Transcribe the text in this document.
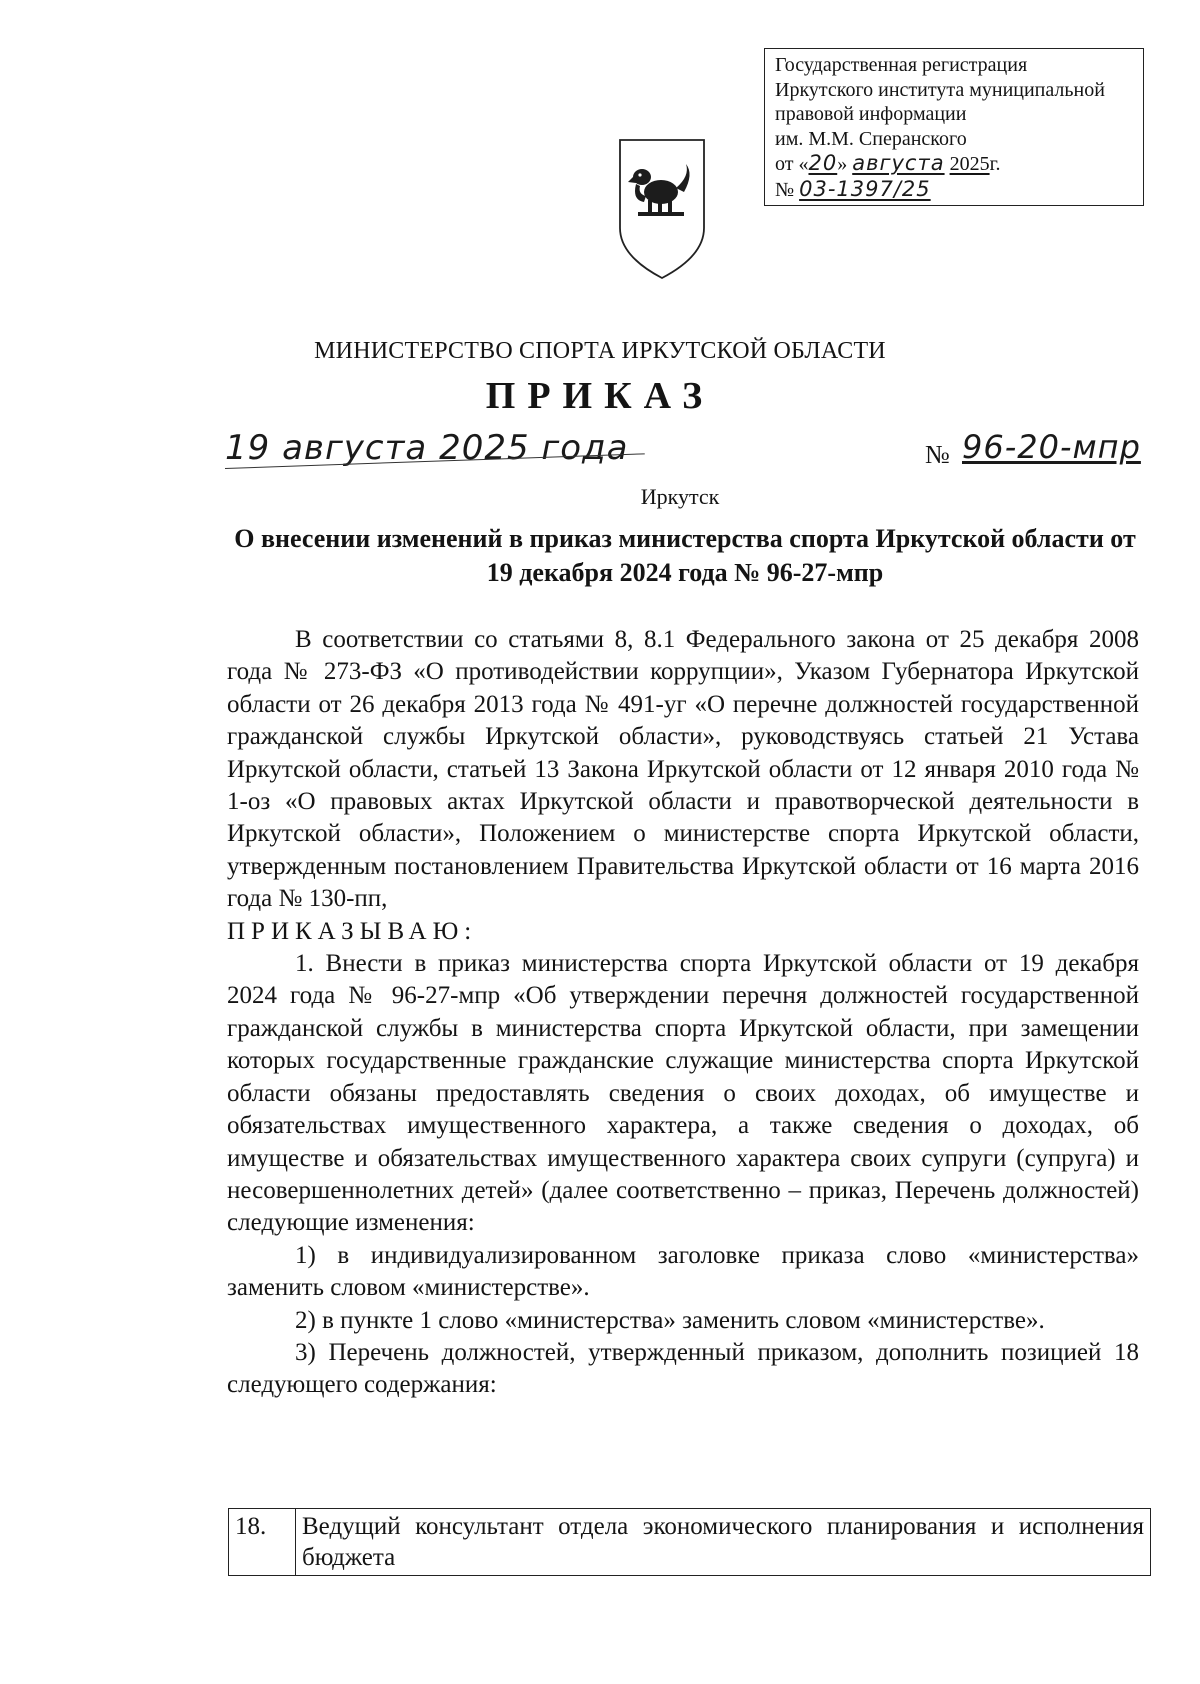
Государственная регистрация
Иркутского института муниципальной
правовой информации
им. М.М. Сперанского
от «20» августа 2025г.
№ 03-1397/25
МИНИСТЕРСТВО СПОРТА ИРКУТСКОЙ ОБЛАСТИ
ПРИКАЗ
19 августа 2025 года	№ 96-20-мпр
Иркутск
О внесении изменений в приказ министерства спорта Иркутской области от 19 декабря 2024 года № 96-27-мпр

В соответствии со статьями 8, 8.1 Федерального закона от 25 декабря 2008 года № 273-ФЗ «О противодействии коррупции», Указом Губернатора Иркутской области от 26 декабря 2013 года № 491-уг «О перечне должностей государственной гражданской службы Иркутской области», руководствуясь статьей 21 Устава Иркутской области, статьей 13 Закона Иркутской области от 12 января 2010 года № 1-оз «О правовых актах Иркутской области и правотворческой деятельности в Иркутской области», Положением о министерстве спорта Иркутской области, утвержденным постановлением Правительства Иркутской области от 16 марта 2016 года № 130-пп,

ПРИКАЗЫВАЮ:

1. Внести в приказ министерства спорта Иркутской области от 19 декабря 2024 года № 96-27-мпр «Об утверждении перечня должностей государственной гражданской службы в министерства спорта Иркутской области, при замещении которых государственные гражданские служащие министерства спорта Иркутской области обязаны предоставлять сведения о своих доходах, об имуществе и обязательствах имущественного характера, а также сведения о доходах, об имуществе и обязательствах имущественного характера своих супруги (супруга) и несовершеннолетних детей» (далее соответственно – приказ, Перечень должностей) следующие изменения:

1) в индивидуализированном заголовке приказа слово «министерства» заменить словом «министерстве».

2) в пункте 1 слово «министерства» заменить словом «министерстве».

3) Перечень должностей, утвержденный приказом, дополнить позицией 18 следующего содержания:

18.	Ведущий консультант отдела экономического планирования и исполнения бюджета
